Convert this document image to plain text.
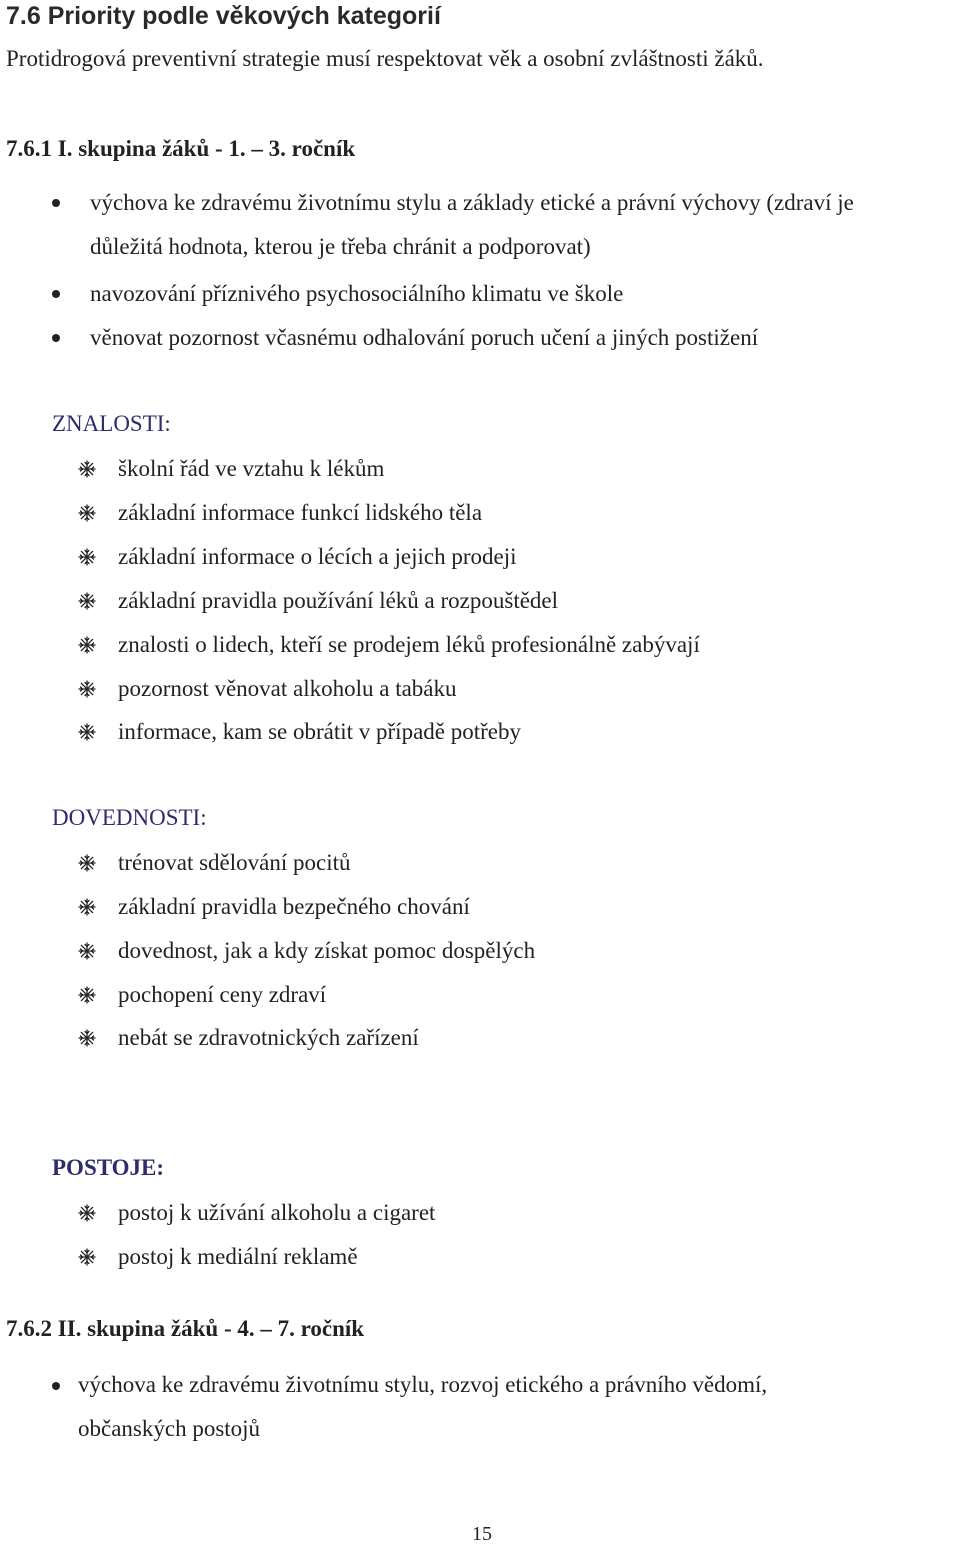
7.6 Priority podle věkových kategorií
Protidrogová preventivní strategie musí respektovat věk a osobní zvláštnosti žáků.
7.6.1 I. skupina žáků - 1. – 3. ročník
výchova ke zdravému životnímu stylu a základy etické a právní výchovy (zdraví je
důležitá hodnota, kterou je třeba chránit a podporovat)
navozování příznivého psychosociálního klimatu ve škole
věnovat pozornost včasnému odhalování poruch učení a jiných postižení
ZNALOSTI:
školní řád ve vztahu k lékům
základní informace funkcí lidského těla
základní informace o lécích a jejich prodeji
základní pravidla používání léků a rozpouštědel
znalosti o lidech, kteří se prodejem léků profesionálně zabývají
pozornost věnovat alkoholu a tabáku
informace, kam se obrátit v případě potřeby
DOVEDNOSTI:
trénovat sdělování pocitů
základní pravidla bezpečného chování
dovednost, jak a kdy získat pomoc dospělých
pochopení ceny zdraví
nebát se zdravotnických zařízení
POSTOJE:
postoj k užívání alkoholu a cigaret
postoj k mediální reklamě
7.6.2 II. skupina žáků - 4. – 7. ročník
výchova ke zdravému životnímu stylu, rozvoj etického a právního vědomí,
občanských postojů
15
